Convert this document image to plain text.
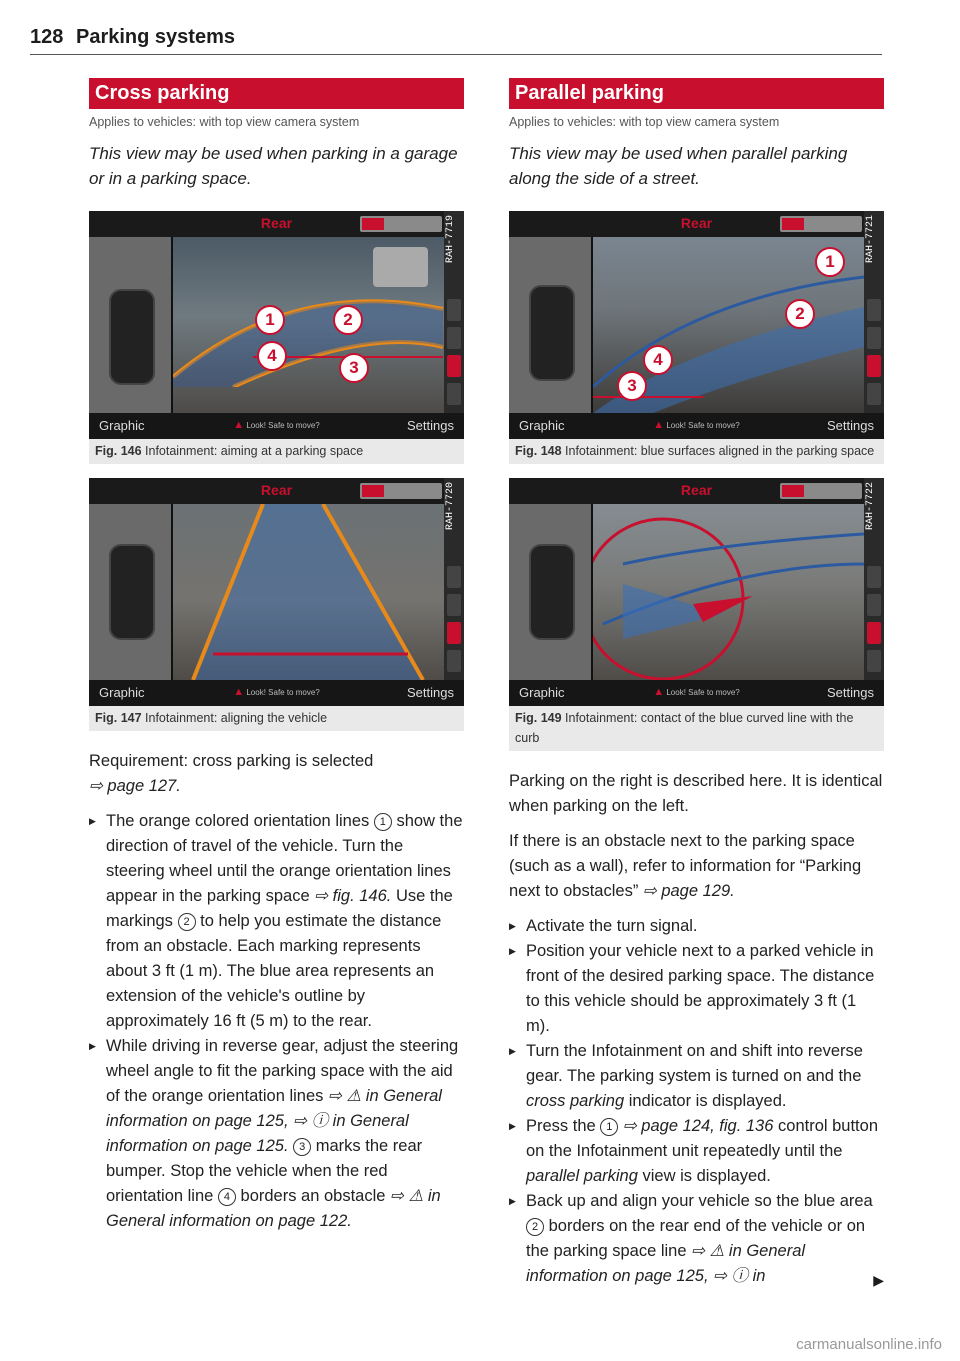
128 Parking systems
Cross parking

Applies to vehicles: with top view camera system

This view may be used when parking in a garage or in a parking space.

Rear
1	2
4
3
RAH-7719
Graphic	▲ Look! Safe to move?	Settings
Fig. 146 Infotainment: aiming at a parking space
Rear	RAH-7720
Graphic	▲ Look! Safe to move?	Settings
Fig. 147 Infotainment: aligning the vehicle

Requirement: cross parking is selected
⇨ page 127.

▶ The orange colored orientation lines 1 show the direction of travel of the vehicle. Turn the steering wheel until the orange orientation lines appear in the parking space ⇨ fig. 146. Use the markings 2 to help you estimate the distance from an obstacle. Each marking represents about 3 ft (1 m). The blue area represents an extension of the vehicle's outline by approximately 16 ft (5 m) to the rear.

▶ While driving in reverse gear, adjust the steering wheel angle to fit the parking space with the aid of the orange orientation lines ⇨ ⚠ in General information on page 125, ⇨ ⓘ in General information on page 125. 3 marks the rear bumper. Stop the vehicle when the red orientation line 4 borders an obstacle ⇨ ⚠ in General information on page 122.

Parallel parking

Applies to vehicles: with top view camera system

This view may be used when parallel parking along the side of a street.

Rear
1
2
4
3
RAH-7721
Graphic	▲ Look! Safe to move?	Settings
Fig. 148 Infotainment: blue surfaces aligned in the parking space
Rear	RAH-7722
Graphic	▲ Look! Safe to move?	Settings
Fig. 149 Infotainment: contact of the blue curved line with the curb

Parking on the right is described here. It is identical when parking on the left.

If there is an obstacle next to the parking space (such as a wall), refer to information for “Parking next to obstacles” ⇨ page 129.

▶ Activate the turn signal.

▶ Position your vehicle next to a parked vehicle in front of the desired parking space. The distance to this vehicle should be approximately 3 ft (1 m).

▶ Turn the Infotainment on and shift into reverse gear. The parking system is turned on and the cross parking indicator is displayed.

▶ Press the 1 ⇨ page 124, fig. 136 control button on the Infotainment unit repeatedly until the parallel parking view is displayed.

▶ Back up and align your vehicle so the blue area 2 borders on the rear end of the vehicle or on the parking space line ⇨ ⚠ in General information on page 125, ⇨ ⓘ in	▶
carmanualsonline.info
